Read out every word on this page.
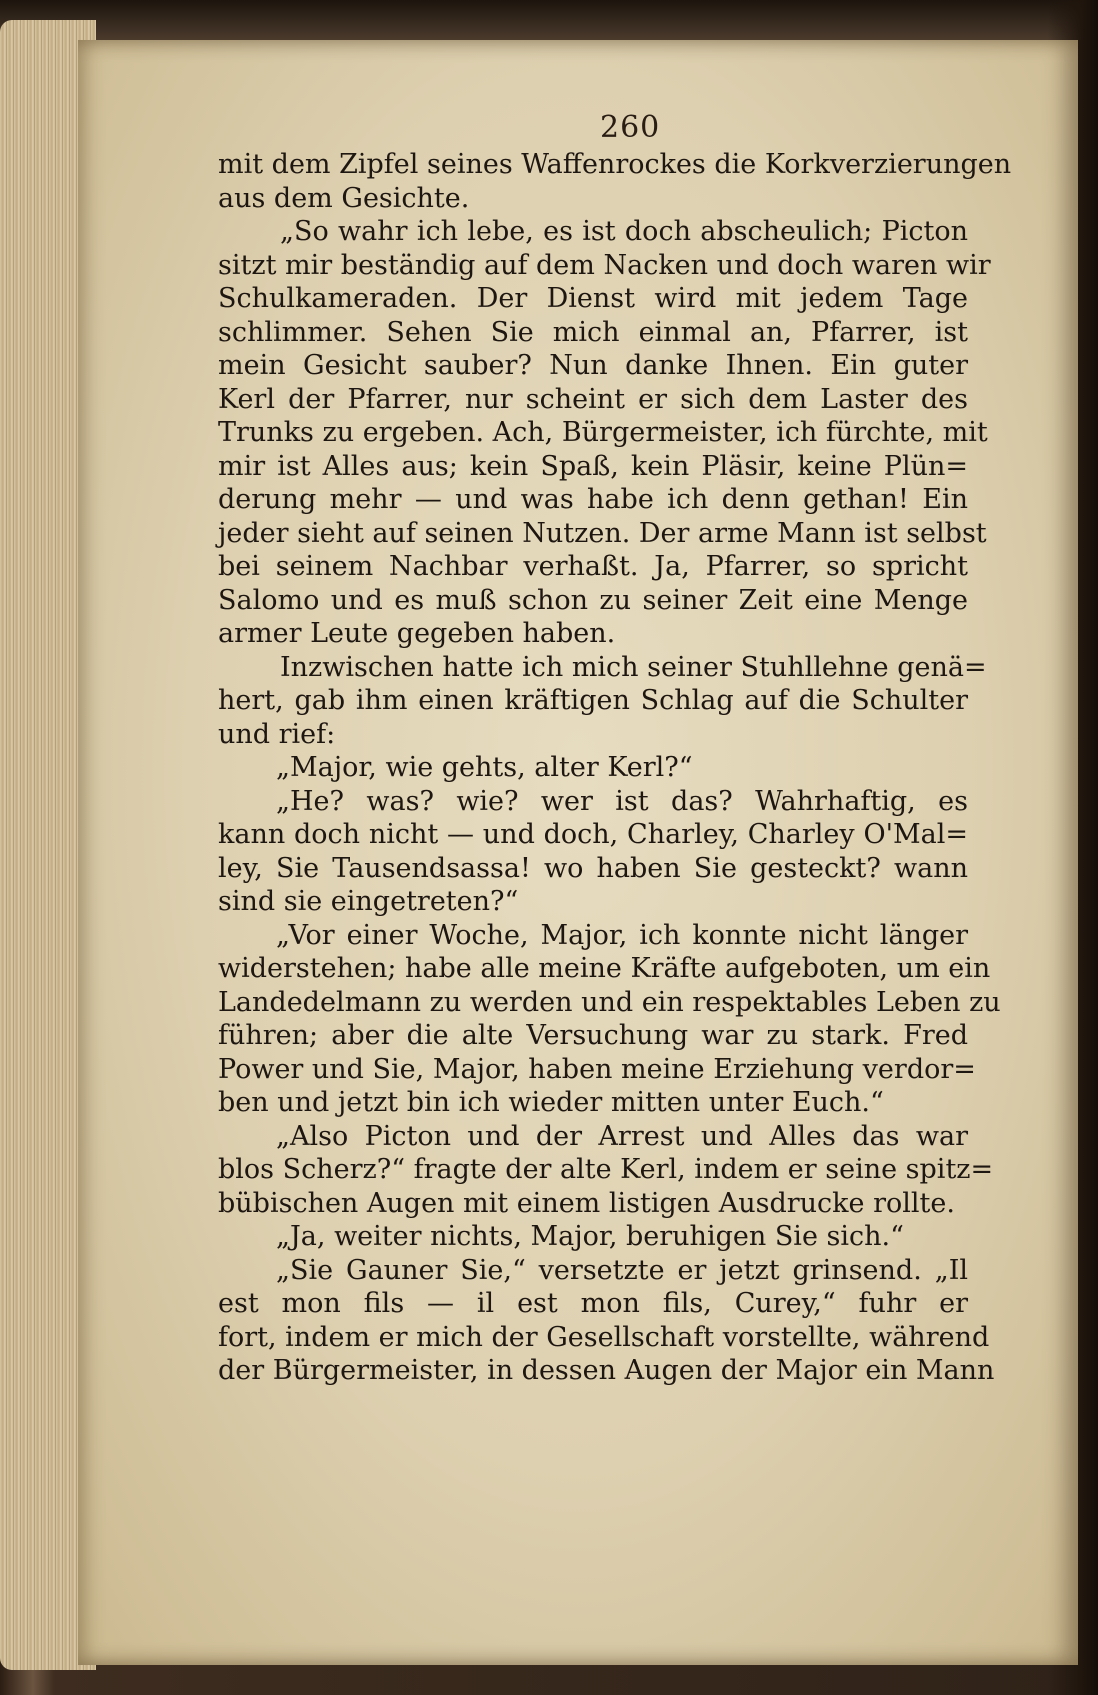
260
mit dem Zipfel seines Waffenrockes die Korkverzierungen
aus dem Gesichte.
„So wahr ich lebe, es ist doch abscheulich; Picton
sitzt mir beständig auf dem Nacken und doch waren wir
Schulkameraden. Der Dienst wird mit jedem Tage
schlimmer. Sehen Sie mich einmal an, Pfarrer, ist
mein Gesicht sauber? Nun danke Ihnen. Ein guter
Kerl der Pfarrer, nur scheint er sich dem Laster des
Trunks zu ergeben. Ach, Bürgermeister, ich fürchte, mit
mir ist Alles aus; kein Spaß, kein Pläsir, keine Plün=
derung mehr — und was habe ich denn gethan! Ein
jeder sieht auf seinen Nutzen. Der arme Mann ist selbst
bei seinem Nachbar verhaßt. Ja, Pfarrer, so spricht
Salomo und es muß schon zu seiner Zeit eine Menge
armer Leute gegeben haben.
Inzwischen hatte ich mich seiner Stuhllehne genä=
hert, gab ihm einen kräftigen Schlag auf die Schulter
und rief:
„Major, wie gehts, alter Kerl?“
„He? was? wie? wer ist das? Wahrhaftig, es
kann doch nicht — und doch, Charley, Charley O'Mal=
ley, Sie Tausendsassa! wo haben Sie gesteckt? wann
sind sie eingetreten?“
„Vor einer Woche, Major, ich konnte nicht länger
widerstehen; habe alle meine Kräfte aufgeboten, um ein
Landedelmann zu werden und ein respektables Leben zu
führen; aber die alte Versuchung war zu stark. Fred
Power und Sie, Major, haben meine Erziehung verdor=
ben und jetzt bin ich wieder mitten unter Euch.“
„Also Picton und der Arrest und Alles das war
blos Scherz?“ fragte der alte Kerl, indem er seine spitz=
bübischen Augen mit einem listigen Ausdrucke rollte.
„Ja, weiter nichts, Major, beruhigen Sie sich.“
„Sie Gauner Sie,“ versetzte er jetzt grinsend. „Il
est mon fils — il est mon fils, Curey,“ fuhr er
fort, indem er mich der Gesellschaft vorstellte, während
der Bürgermeister, in dessen Augen der Major ein Mann
